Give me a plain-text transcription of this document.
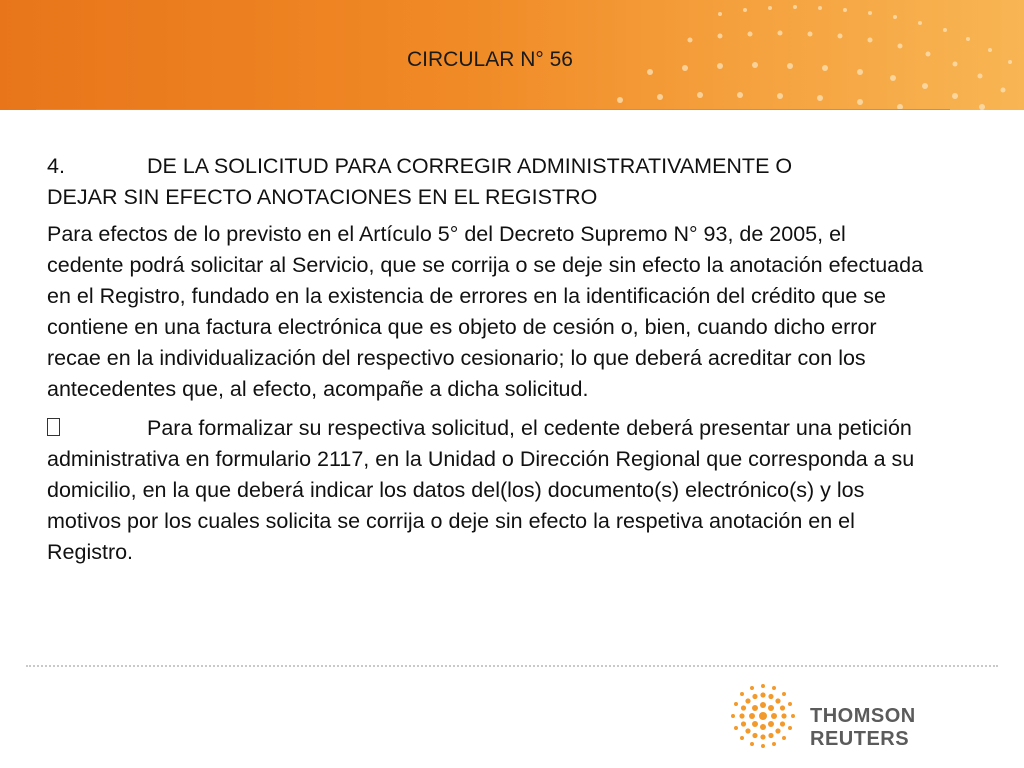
CIRCULAR N° 56

4.	DE LA SOLICITUD PARA CORREGIR ADMINISTRATIVAMENTE O
DEJAR SIN EFECTO ANOTACIONES EN EL REGISTRO

Para efectos de lo previsto en el Artículo 5° del Decreto Supremo N° 93, de 2005, el cedente podrá solicitar al Servicio, que se corrija o se deje sin efecto la anotación efectuada en el Registro, fundado en la existencia de errores en la identificación del crédito que se contiene en una factura electrónica que es objeto de cesión o, bien, cuando dicho error recae en la individualización del respectivo cesionario; lo que deberá acreditar con los antecedentes que, al efecto, acompañe a dicha solicitud.

Para formalizar su respectiva solicitud, el cedente deberá presentar una petición administrativa en formulario 2117, en la Unidad o Dirección Regional que corresponda a su domicilio, en la que deberá indicar los datos del(los) documento(s) electrónico(s) y los motivos por los cuales solicita se corrija o deje sin efecto la respetiva anotación en el Registro.

THOMSON REUTERS
